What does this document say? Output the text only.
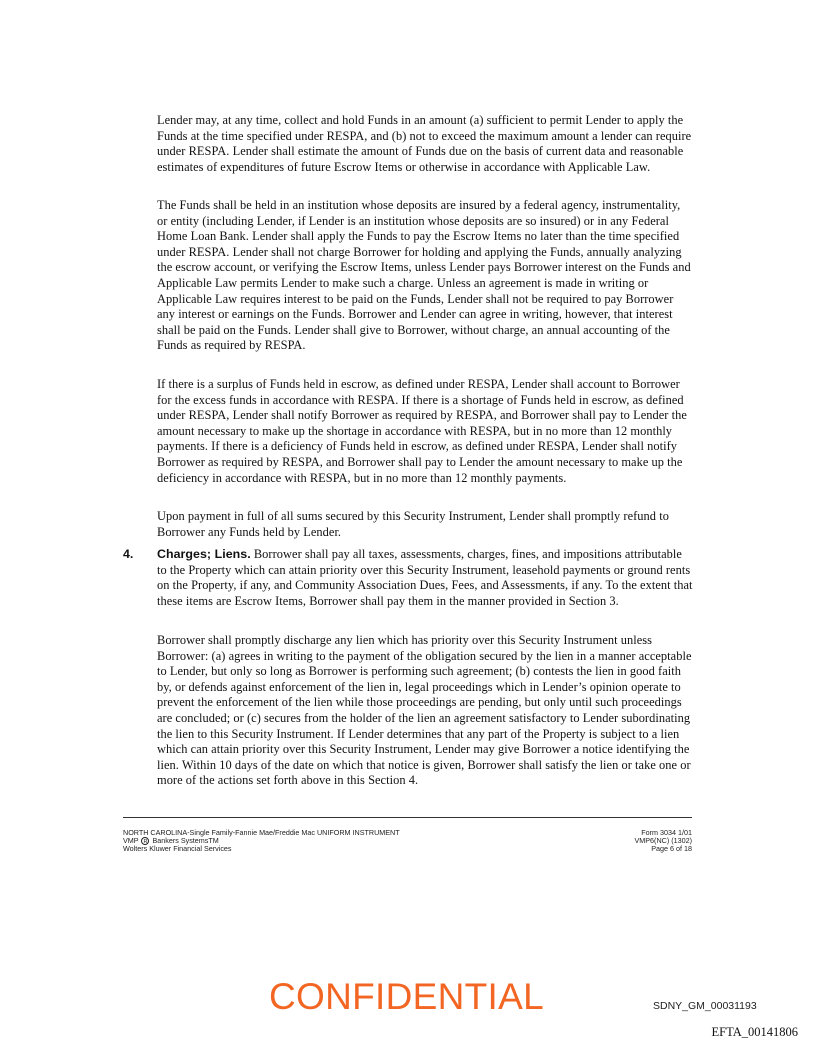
Lender may, at any time, collect and hold Funds in an amount (a) sufficient to permit Lender to apply the Funds at the time specified under RESPA, and (b) not to exceed the maximum amount a lender can require under RESPA. Lender shall estimate the amount of Funds due on the basis of current data and reasonable estimates of expenditures of future Escrow Items or otherwise in accordance with Applicable Law.

The Funds shall be held in an institution whose deposits are insured by a federal agency, instrumentality, or entity (including Lender, if Lender is an institution whose deposits are so insured) or in any Federal Home Loan Bank. Lender shall apply the Funds to pay the Escrow Items no later than the time specified under RESPA. Lender shall not charge Borrower for holding and applying the Funds, annually analyzing the escrow account, or verifying the Escrow Items, unless Lender pays Borrower interest on the Funds and Applicable Law permits Lender to make such a charge. Unless an agreement is made in writing or Applicable Law requires interest to be paid on the Funds, Lender shall not be required to pay Borrower any interest or earnings on the Funds. Borrower and Lender can agree in writing, however, that interest shall be paid on the Funds. Lender shall give to Borrower, without charge, an annual accounting of the Funds as required by RESPA.

If there is a surplus of Funds held in escrow, as defined under RESPA, Lender shall account to Borrower for the excess funds in accordance with RESPA. If there is a shortage of Funds held in escrow, as defined under RESPA, Lender shall notify Borrower as required by RESPA, and Borrower shall pay to Lender the amount necessary to make up the shortage in accordance with RESPA, but in no more than 12 monthly payments. If there is a deficiency of Funds held in escrow, as defined under RESPA, Lender shall notify Borrower as required by RESPA, and Borrower shall pay to Lender the amount necessary to make up the deficiency in accordance with RESPA, but in no more than 12 monthly payments.

Upon payment in full of all sums secured by this Security Instrument, Lender shall promptly refund to Borrower any Funds held by Lender.

4. Charges; Liens. Borrower shall pay all taxes, assessments, charges, fines, and impositions attributable to the Property which can attain priority over this Security Instrument, leasehold payments or ground rents on the Property, if any, and Community Association Dues, Fees, and Assessments, if any. To the extent that these items are Escrow Items, Borrower shall pay them in the manner provided in Section 3.

Borrower shall promptly discharge any lien which has priority over this Security Instrument unless Borrower: (a) agrees in writing to the payment of the obligation secured by the lien in a manner acceptable to Lender, but only so long as Borrower is performing such agreement; (b) contests the lien in good faith by, or defends against enforcement of the lien in, legal proceedings which in Lender’s opinion operate to prevent the enforcement of the lien while those proceedings are pending, but only until such proceedings are concluded; or (c) secures from the holder of the lien an agreement satisfactory to Lender subordinating the lien to this Security Instrument. If Lender determines that any part of the Property is subject to a lien which can attain priority over this Security Instrument, Lender may give Borrower a notice identifying the lien. Within 10 days of the date on which that notice is given, Borrower shall satisfy the lien or take one or more of the actions set forth above in this Section 4.

NORTH CAROLINA-Single Family-Fannie Mae/Freddie Mac UNIFORM INSTRUMENT
VMP R Bankers SystemsTM
Wolters Kluwer Financial Services
Form 3034 1/01
VMP6(NC) (1302)
Page 6 of 18
CONFIDENTIAL	SDNY_GM_00031193
EFTA_00141806
